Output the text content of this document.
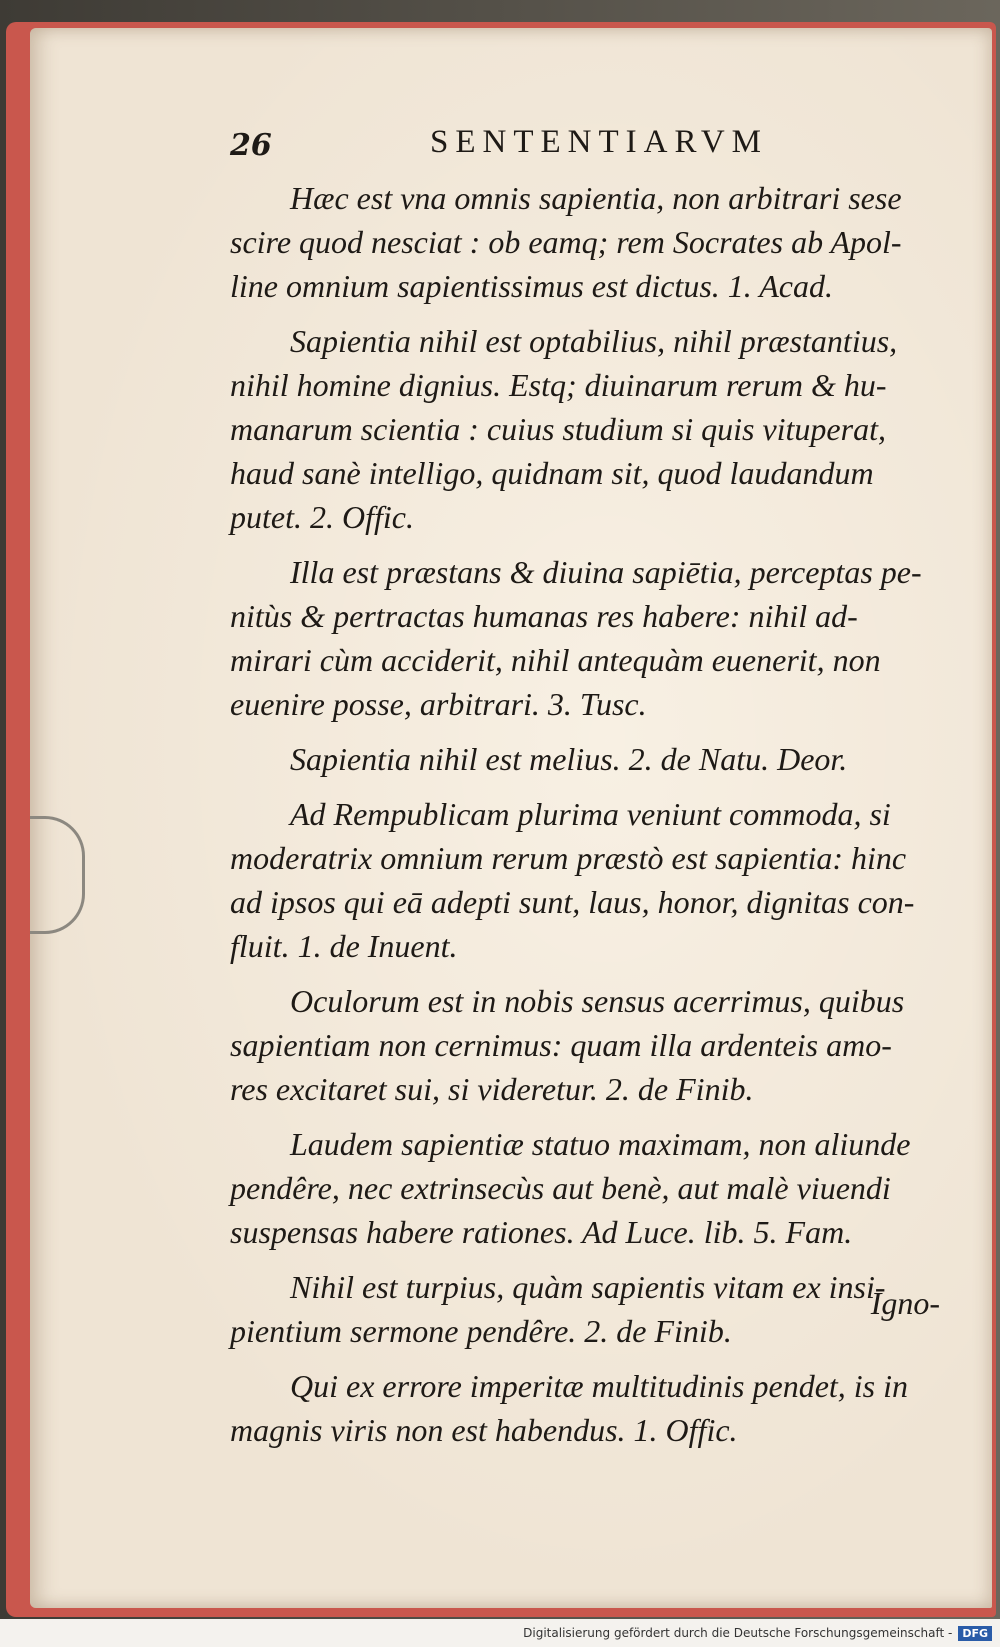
26	SENTENTIARVM

Hæc est vna omnis sapientia, non arbitrari sese
scire quod nesciat : ob eamq; rem Socrates ab Apol-
line omnium sapientissimus est dictus. 1. Acad.

Sapientia nihil est optabilius, nihil præstantius,
nihil homine dignius. Estq; diuinarum rerum & hu-
manarum scientia : cuius studium si quis vituperat,
haud sanè intelligo, quidnam sit, quod laudandum
putet. 2. Offic.

Illa est præstans & diuina sapiētia, perceptas pe-
nitùs & pertractas humanas res habere: nihil ad-
mirari cùm acciderit, nihil antequàm euenerit, non
euenire posse, arbitrari. 3. Tusc.

Sapientia nihil est melius. 2. de Natu. Deor.

Ad Rempublicam plurima veniunt commoda, si
moderatrix omnium rerum præstò est sapientia: hinc
ad ipsos qui eā adepti sunt, laus, honor, dignitas con-
fluit. 1. de Inuent.

Oculorum est in nobis sensus acerrimus, quibus
sapientiam non cernimus: quam illa ardenteis amo-
res excitaret sui, si videretur. 2. de Finib.

Laudem sapientiæ statuo maximam, non aliunde
pendêre, nec extrinsecùs aut benè, aut malè viuendi
suspensas habere rationes. Ad Luce. lib. 5. Fam.

Nihil est turpius, quàm sapientis vitam ex insi-
pientium sermone pendêre. 2. de Finib.

Qui ex errore imperitæ multitudinis pendet, is in
magnis viris non est habendus. 1. Offic.

Igno-
Digitalisierung gefördert durch die Deutsche Forschungsgemeinschaft - DFG
